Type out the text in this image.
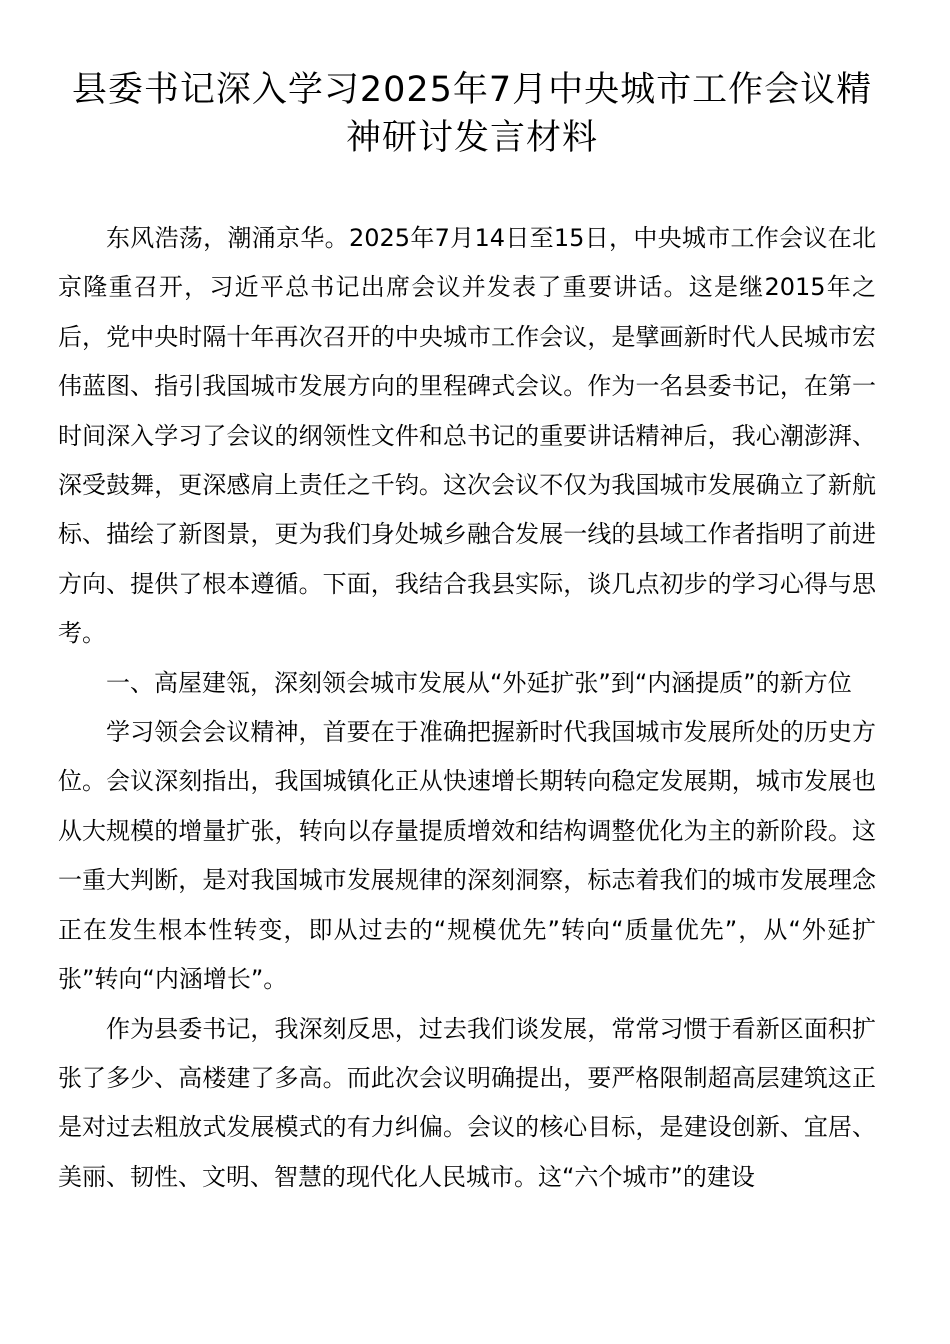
县委书记深入学习2025年7月中央城市工作会议精神研讨发言材料

东风浩荡，潮涌京华。2025年7月14日至15日，中央城市工作会议在北京隆重召开，习近平总书记出席会议并发表了重要讲话。这是继2015年之后，党中央时隔十年再次召开的中央城市工作会议，是擘画新时代人民城市宏伟蓝图、指引我国城市发展方向的里程碑式会议。作为一名县委书记，在第一时间深入学习了会议的纲领性文件和总书记的重要讲话精神后，我心潮澎湃、深受鼓舞，更深感肩上责任之千钧。这次会议不仅为我国城市发展确立了新航标、描绘了新图景，更为我们身处城乡融合发展一线的县域工作者指明了前进方向、提供了根本遵循。下面，我结合我县实际，谈几点初步的学习心得与思考。

一、高屋建瓴，深刻领会城市发展从“外延扩张”到“内涵提质”的新方位

学习领会会议精神，首要在于准确把握新时代我国城市发展所处的历史方位。会议深刻指出，我国城镇化正从快速增长期转向稳定发展期，城市发展也从大规模的增量扩张，转向以存量提质增效和结构调整优化为主的新阶段。这一重大判断，是对我国城市发展规律的深刻洞察，标志着我们的城市发展理念正在发生根本性转变，即从过去的“规模优先”转向“质量优先”，从“外延扩张”转向“内涵增长”。

作为县委书记，我深刻反思，过去我们谈发展，常常习惯于看新区面积扩张了多少、高楼建了多高。而此次会议明确提出，要严格限制超高层建筑这正是对过去粗放式发展模式的有力纠偏。会议的核心目标，是建设创新、宜居、美丽、韧性、文明、智慧的现代化人民城市。这“六个城市”的建设
